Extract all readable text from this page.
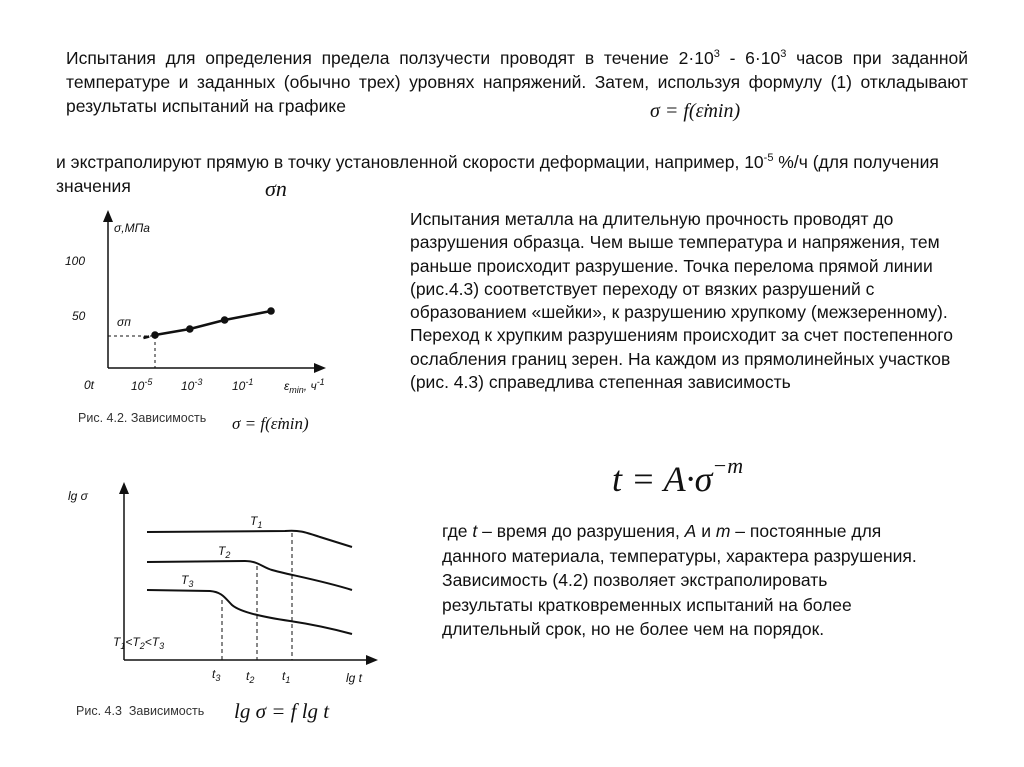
Испытания для определения предела ползучести проводят в течение $2\cdot 10^3 - 6\cdot 10^3$ часов при заданной температуре и заданных (обычно трех) уровнях напряжений. Затем, используя формулу (1) откладывают результаты испытаний на графике	σ = f(ε̇min)
и экстраполируют прямую в точку установленной скорости деформации, например, $10^{-5}$ %/ч (для получения значения	σп
σ,МПа
100
50	σп
0t	$10^{-5}$ $10^{-3}$ $10^{-1}$	$\varepsilon_{min}$, $ч^{-1}$
Рис. 4.2. Зависимость σ = f(ε̇min)
Испытания металла на длительную прочность проводят до разрушения образца. Чем выше температура и напряжения, тем раньше происходит разрушение. Точка перелома прямой линии (рис.4.3) соответствует переходу от вязких разрушений с образованием «шейки», к разрушению хрупкому (межзеренному). Переход к хрупким разрушениям происходит за счет постепенного ослабления границ зерен. На каждом из прямолинейных участков (рис. 4.3) справедлива степенная зависимость
$t = A\cdot\sigma^{-m}$
где t – время до разрушения, A и m – постоянные для данного материала, температуры, характера разрушения.
Зависимость (4.2) позволяет экстраполировать результаты кратковременных испытаний на более длительный срок, но не более чем на порядок.
lg σ
$T_1$
$T_2$
$T_3$
$T_1<T_2<T_3$
$t_3$ $t_2$ $t_1$	lg t
Рис. 4.3  Зависимость lg σ = f lg t
